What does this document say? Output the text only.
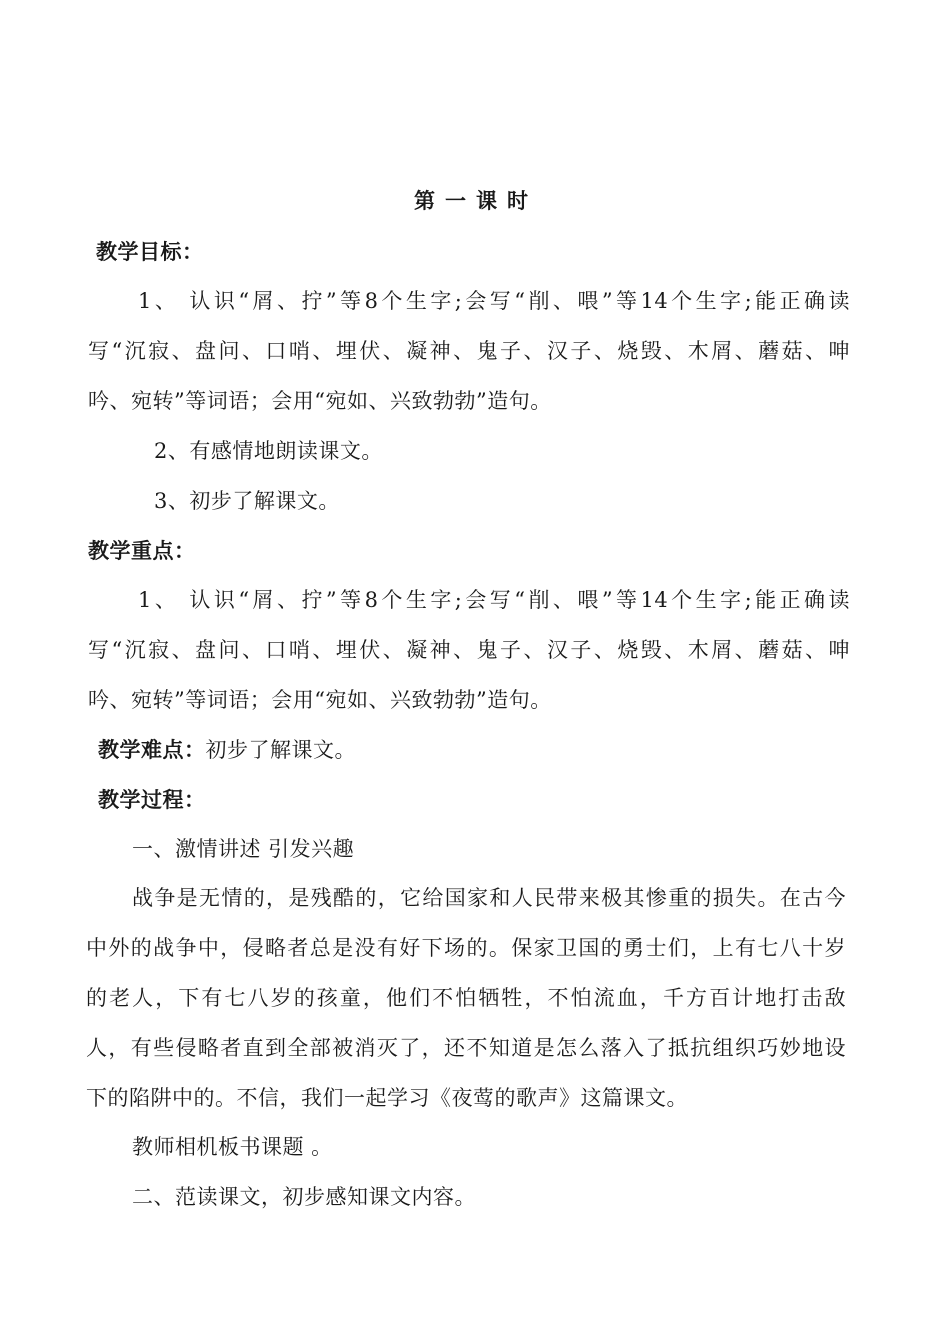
第一课时
教学目标：
1、 认识“屑、拧”等8个生字;会写“削、喂”等14个生字;能正确读
写“沉寂、盘问、口哨、埋伏、凝神、鬼子、汉子、烧毁、木屑、蘑菇、呻
吟、宛转”等词语；会用“宛如、兴致勃勃”造句。
2、有感情地朗读课文。
3、初步了解课文。
教学重点：
1、 认识“屑、拧”等8个生字;会写“削、喂”等14个生字;能正确读
写“沉寂、盘问、口哨、埋伏、凝神、鬼子、汉子、烧毁、木屑、蘑菇、呻
吟、宛转”等词语；会用“宛如、兴致勃勃”造句。
教学难点：初步了解课文。
教学过程：
一、激情讲述 引发兴趣
战争是无情的，是残酷的，它给国家和人民带来极其惨重的损失。在古今
中外的战争中，侵略者总是没有好下场的。保家卫国的勇士们，上有七八十岁
的老人，下有七八岁的孩童，他们不怕牺牲，不怕流血，千方百计地打击敌
人，有些侵略者直到全部被消灭了，还不知道是怎么落入了抵抗组织巧妙地设
下的陷阱中的。不信，我们一起学习《夜莺的歌声》这篇课文。
教师相机板书课题 。
二、范读课文，初步感知课文内容。
